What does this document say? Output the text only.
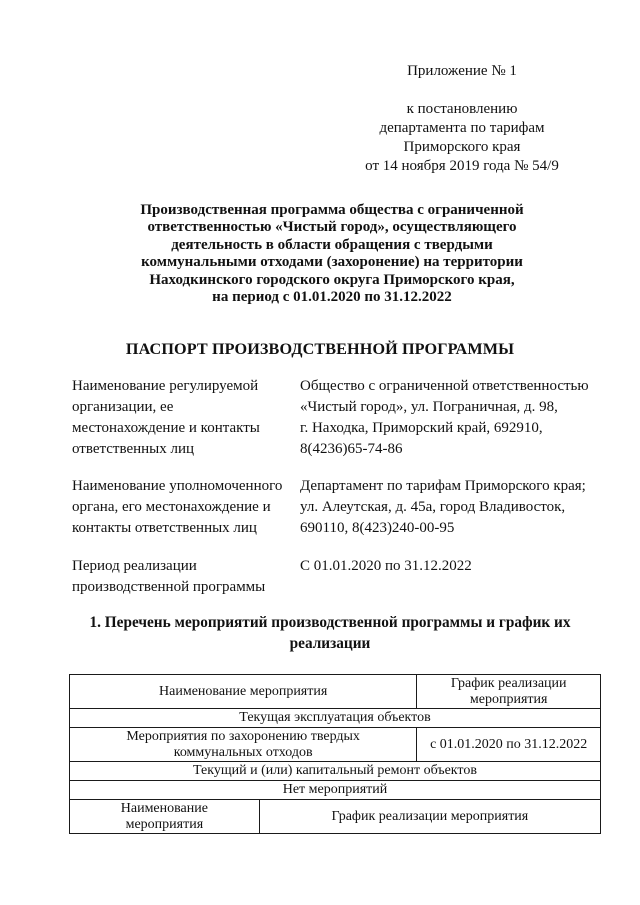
Приложение № 1
к постановлению
департамента по тарифам
Приморского края
от 14 ноября 2019 года № 54/9
Производственная программа общества с ограниченной
ответственностью «Чистый город», осуществляющего
деятельность в области обращения с твердыми
коммунальными отходами (захоронение) на территории
Находкинского городского округа Приморского края,
на период с 01.01.2020 по 31.12.2022
ПАСПОРТ ПРОИЗВОДСТВЕННОЙ ПРОГРАММЫ
Наименование регулируемой
организации, ее
местонахождение и контакты
ответственных лиц
Общество с ограниченной ответственностью
«Чистый город», ул. Пограничная, д. 98,
г. Находка, Приморский край, 692910,
8(4236)65-74-86
Наименование уполномоченного
органа, его местонахождение и
контакты ответственных лиц
Департамент по тарифам Приморского края;
ул. Алеутская, д. 45а, город Владивосток,
690110, 8(423)240-00-95
Период реализации
производственной программы
С 01.01.2020 по 31.12.2022
1. Перечень мероприятий производственной программы и график их
реализации
Наименование мероприятия		График реализации
мероприятия

Текущая эксплуатация объектов		

Мероприятия по захоронению твердых
коммунальных отходов		с 01.01.2020 по 31.12.2022
Текущий и (или) капитальный ремонт объектов		
Нет мероприятий		

Наименование
мероприятия	График реализации мероприятия	
